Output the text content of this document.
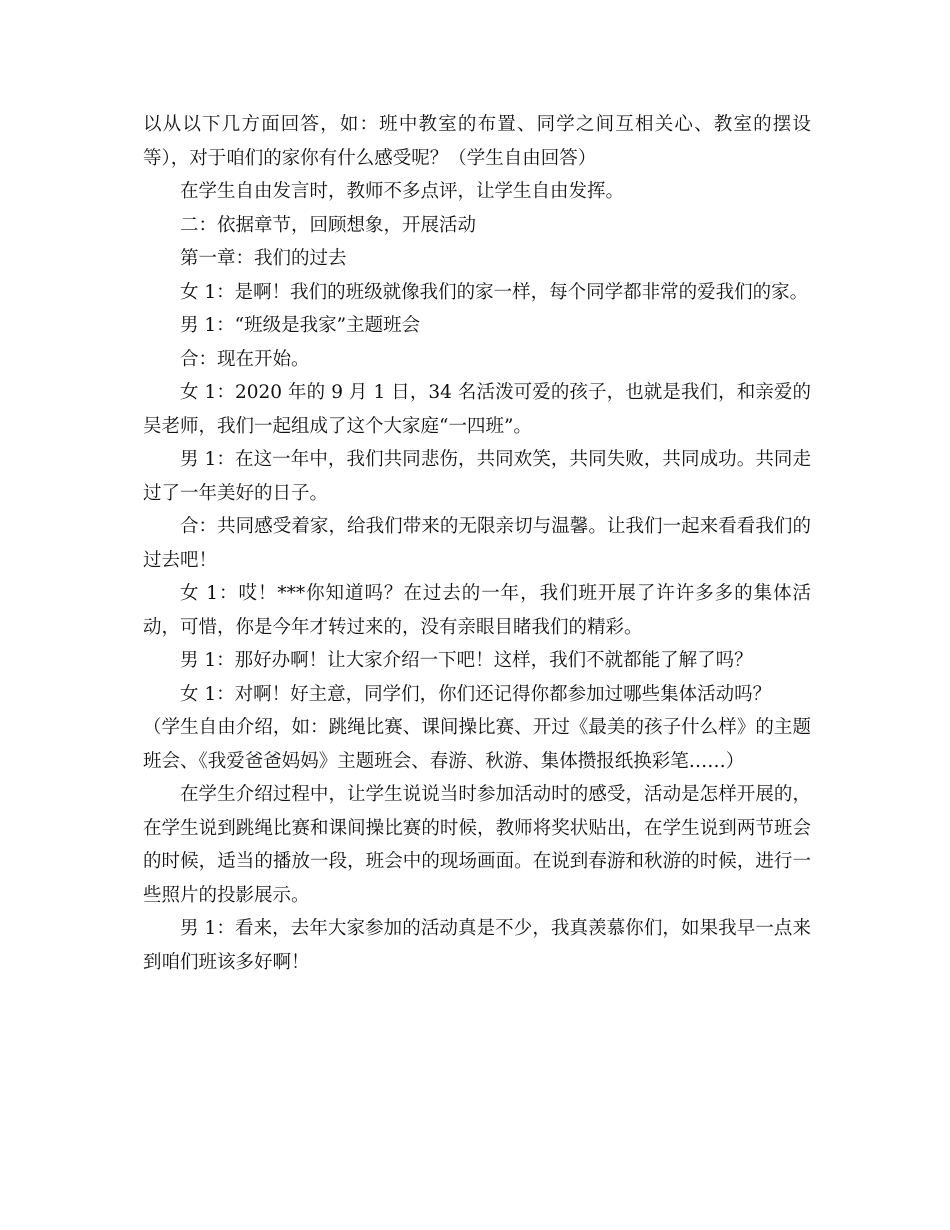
以从以下几方面回答，如：班中教室的布置、同学之间互相关心、教室的摆设等），对于咱们的家你有什么感受呢？（学生自由回答）

在学生自由发言时，教师不多点评，让学生自由发挥。

二：依据章节，回顾想象，开展活动

第一章：我们的过去

女 1：是啊！我们的班级就像我们的家一样，每个同学都非常的爱我们的家。

男 1：“班级是我家”主题班会

合：现在开始。

女 1：2020 年的 9 月 1 日，34 名活泼可爱的孩子，也就是我们，和亲爱的吴老师，我们一起组成了这个大家庭“一四班”。

男 1：在这一年中，我们共同悲伤，共同欢笑，共同失败，共同成功。共同走过了一年美好的日子。

合：共同感受着家，给我们带来的无限亲切与温馨。让我们一起来看看我们的过去吧！

女 1：哎！***你知道吗？在过去的一年，我们班开展了许许多多的集体活动，可惜，你是今年才转过来的，没有亲眼目睹我们的精彩。

男 1：那好办啊！让大家介绍一下吧！这样，我们不就都能了解了吗？

女 1：对啊！好主意，同学们，你们还记得你都参加过哪些集体活动吗？

（学生自由介绍，如：跳绳比赛、课间操比赛、开过《最美的孩子什么样》的主题班会、《我爱爸爸妈妈》主题班会、春游、秋游、集体攒报纸换彩笔……）

在学生介绍过程中，让学生说说当时参加活动时的感受，活动是怎样开展的，在学生说到跳绳比赛和课间操比赛的时候，教师将奖状贴出，在学生说到两节班会的时候，适当的播放一段，班会中的现场画面。在说到春游和秋游的时候，进行一些照片的投影展示。

男 1：看来，去年大家参加的活动真是不少，我真羡慕你们，如果我早一点来到咱们班该多好啊！
